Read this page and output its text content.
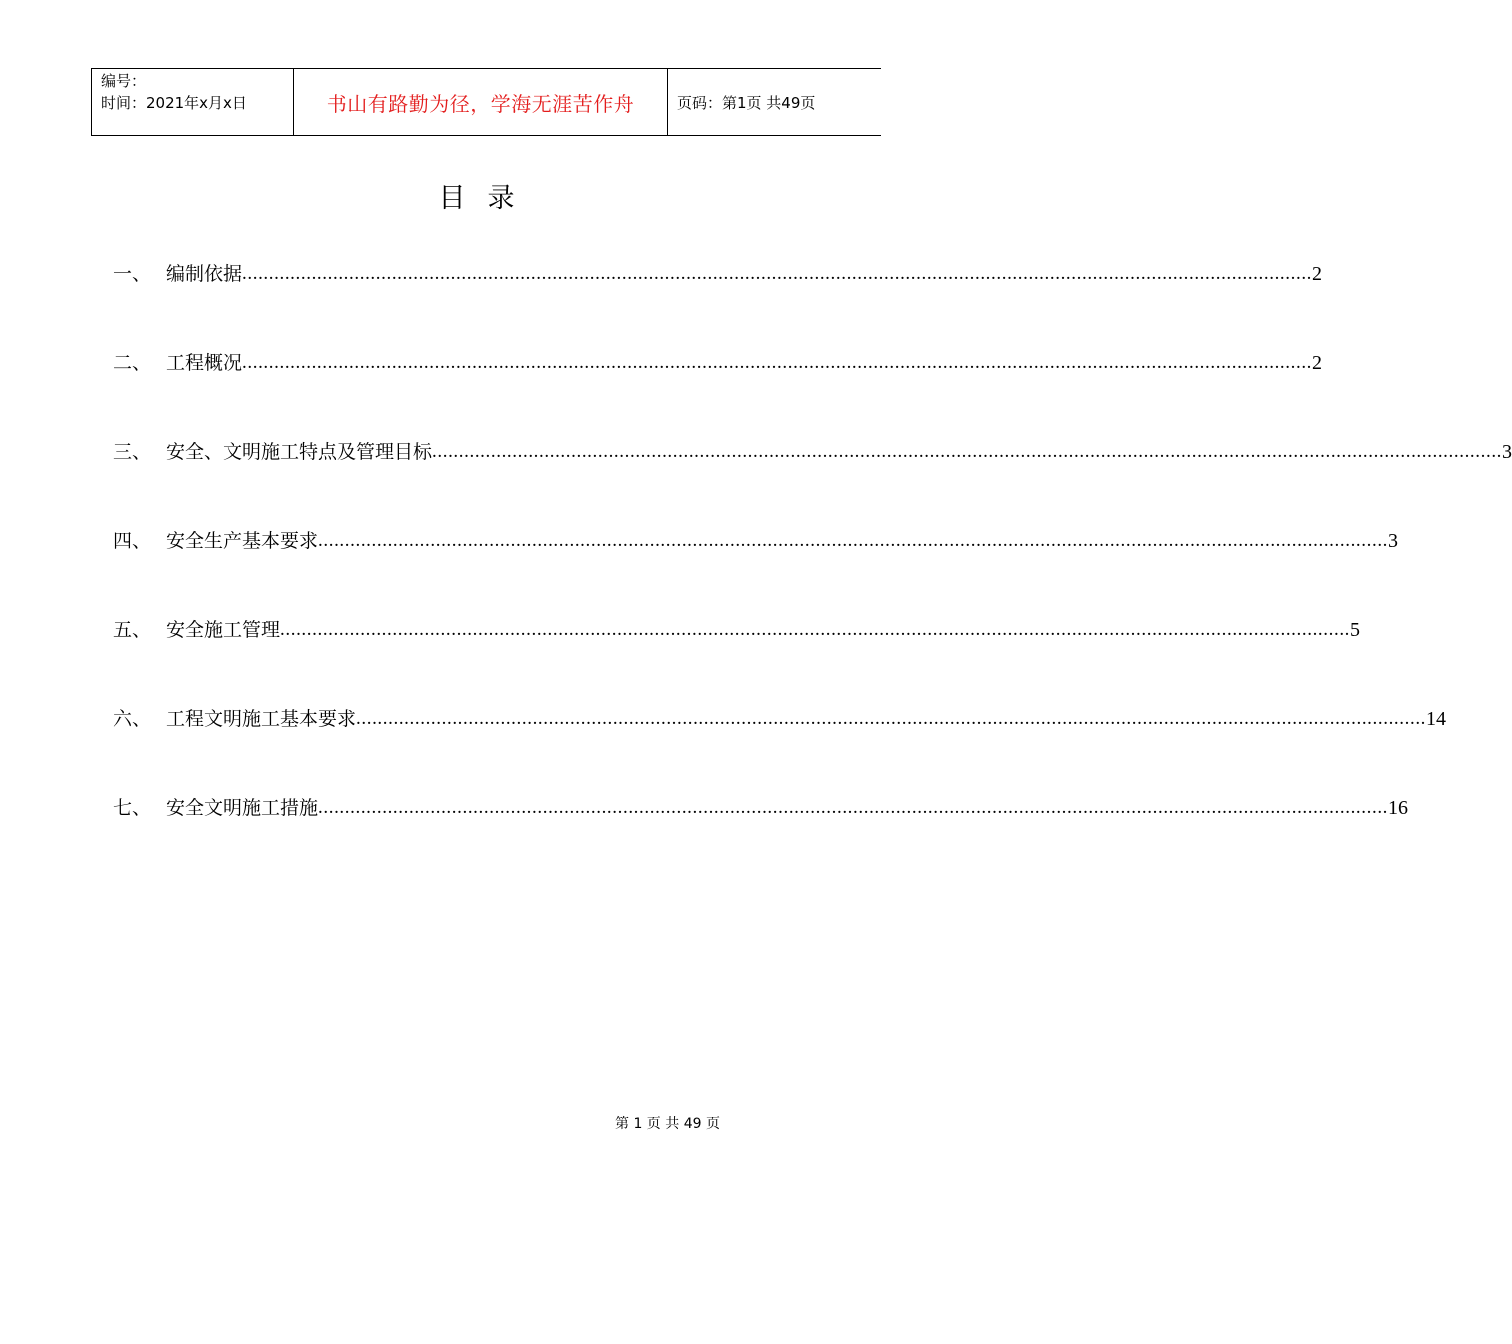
编号：
时间：2021年x月x日	书山有路勤为径，学海无涯苦作舟	页码：第1页 共49页
目录
一、 编制依据 ........................................................................................................................................................................................................ 2
二、 工程概况 ........................................................................................................................................................................................................ 2
三、 安全、文明施工特点及管理目标 ........................................................................................................................................................................................................ 3
四、 安全生产基本要求 ........................................................................................................................................................................................................ 3
五、 安全施工管理 ........................................................................................................................................................................................................ 5
六、 工程文明施工基本要求 ........................................................................................................................................................................................................ 14
七、 安全文明施工措施 ........................................................................................................................................................................................................ 16
第 1 页 共 49 页
